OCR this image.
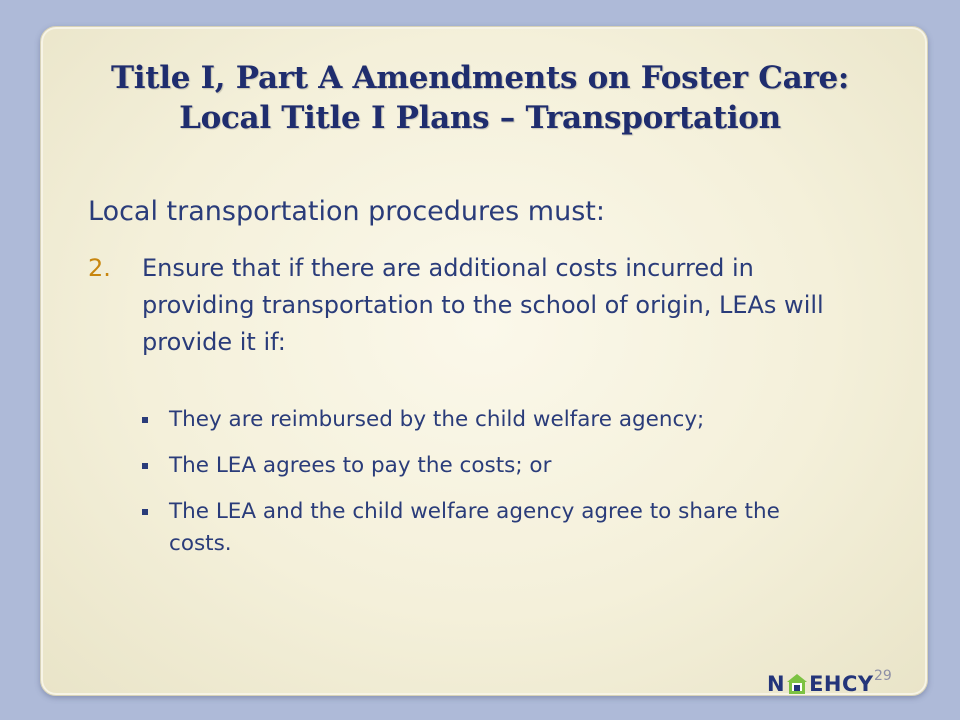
Title I, Part A Amendments on Foster Care:
Local Title I Plans – Transportation

Local transportation procedures must:

2. Ensure that if there are additional costs incurred in providing transportation to the school of origin, LEAs will provide it if:
They are reimbursed by the child welfare agency;
The LEA agrees to pay the costs; or
The LEA and the child welfare agency agree to share the costs.
29
N EHCY
